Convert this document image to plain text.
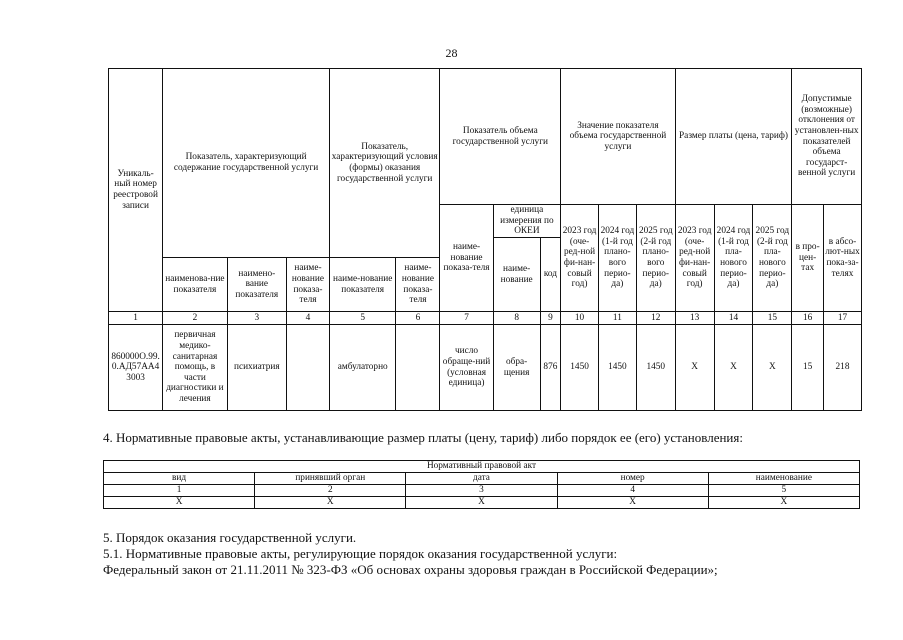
28
Уникаль-ный номер реестровой записи	Показатель, характеризующий содержание государственной услуги			Показатель, характеризующий условия (формы) оказания государственной услуги		Показатель объема государственной услуги			Значение показателя объема государственной услуги			Размер платы (цена, тариф)			Допустимые (возможные) отклонения от установлен-ных показателей объема государст-венной услуги	
						наиме-нование показа-теля	единица измерения по ОКЕИ		2023 год (оче-ред-ной фи-нан-совый год)	2024 год (1-й год плано-вого перио-да)	2025 год (2-й год плано-вого перио-да)	2023 год (оче-ред-ной фи-нан-совый год)	2024 год (1-й год пла-нового перио-да)	2025 год (2-й год пла-нового перио-да)	в про-цен-тах	в абсо-лют-ных пока-за-телях
							наиме-нование	код								
	наименова-ние показателя	наимено-вание показателя	наиме-нование показа-теля	наиме-нование показателя	наиме-нование показа-теля											
1	2	3	4	5	6	7	8	9	10	11	12	13	14	15	16	17
860000О.99.0.АД57АА43003	первичная медико-санитарная помощь, в части диагностики и лечения	психиатрия		амбулаторно		число обраще-ний (условная единица)	обра-щения	876	1450	1450	1450	X	X	X	15	218
4. Нормативные правовые акты, устанавливающие размер платы (цену, тариф) либо порядок ее (его) установления:
Нормативный правовой акт				
вид	принявший орган	дата	номер	наименование
1	2	3	4	5
X	X	X	X	X
5. Порядок оказания государственной услуги.
5.1. Нормативные правовые акты, регулирующие порядок оказания государственной услуги:
Федеральный закон от 21.11.2011 № 323-ФЗ «Об основах охраны здоровья граждан в Российской Федерации»;
